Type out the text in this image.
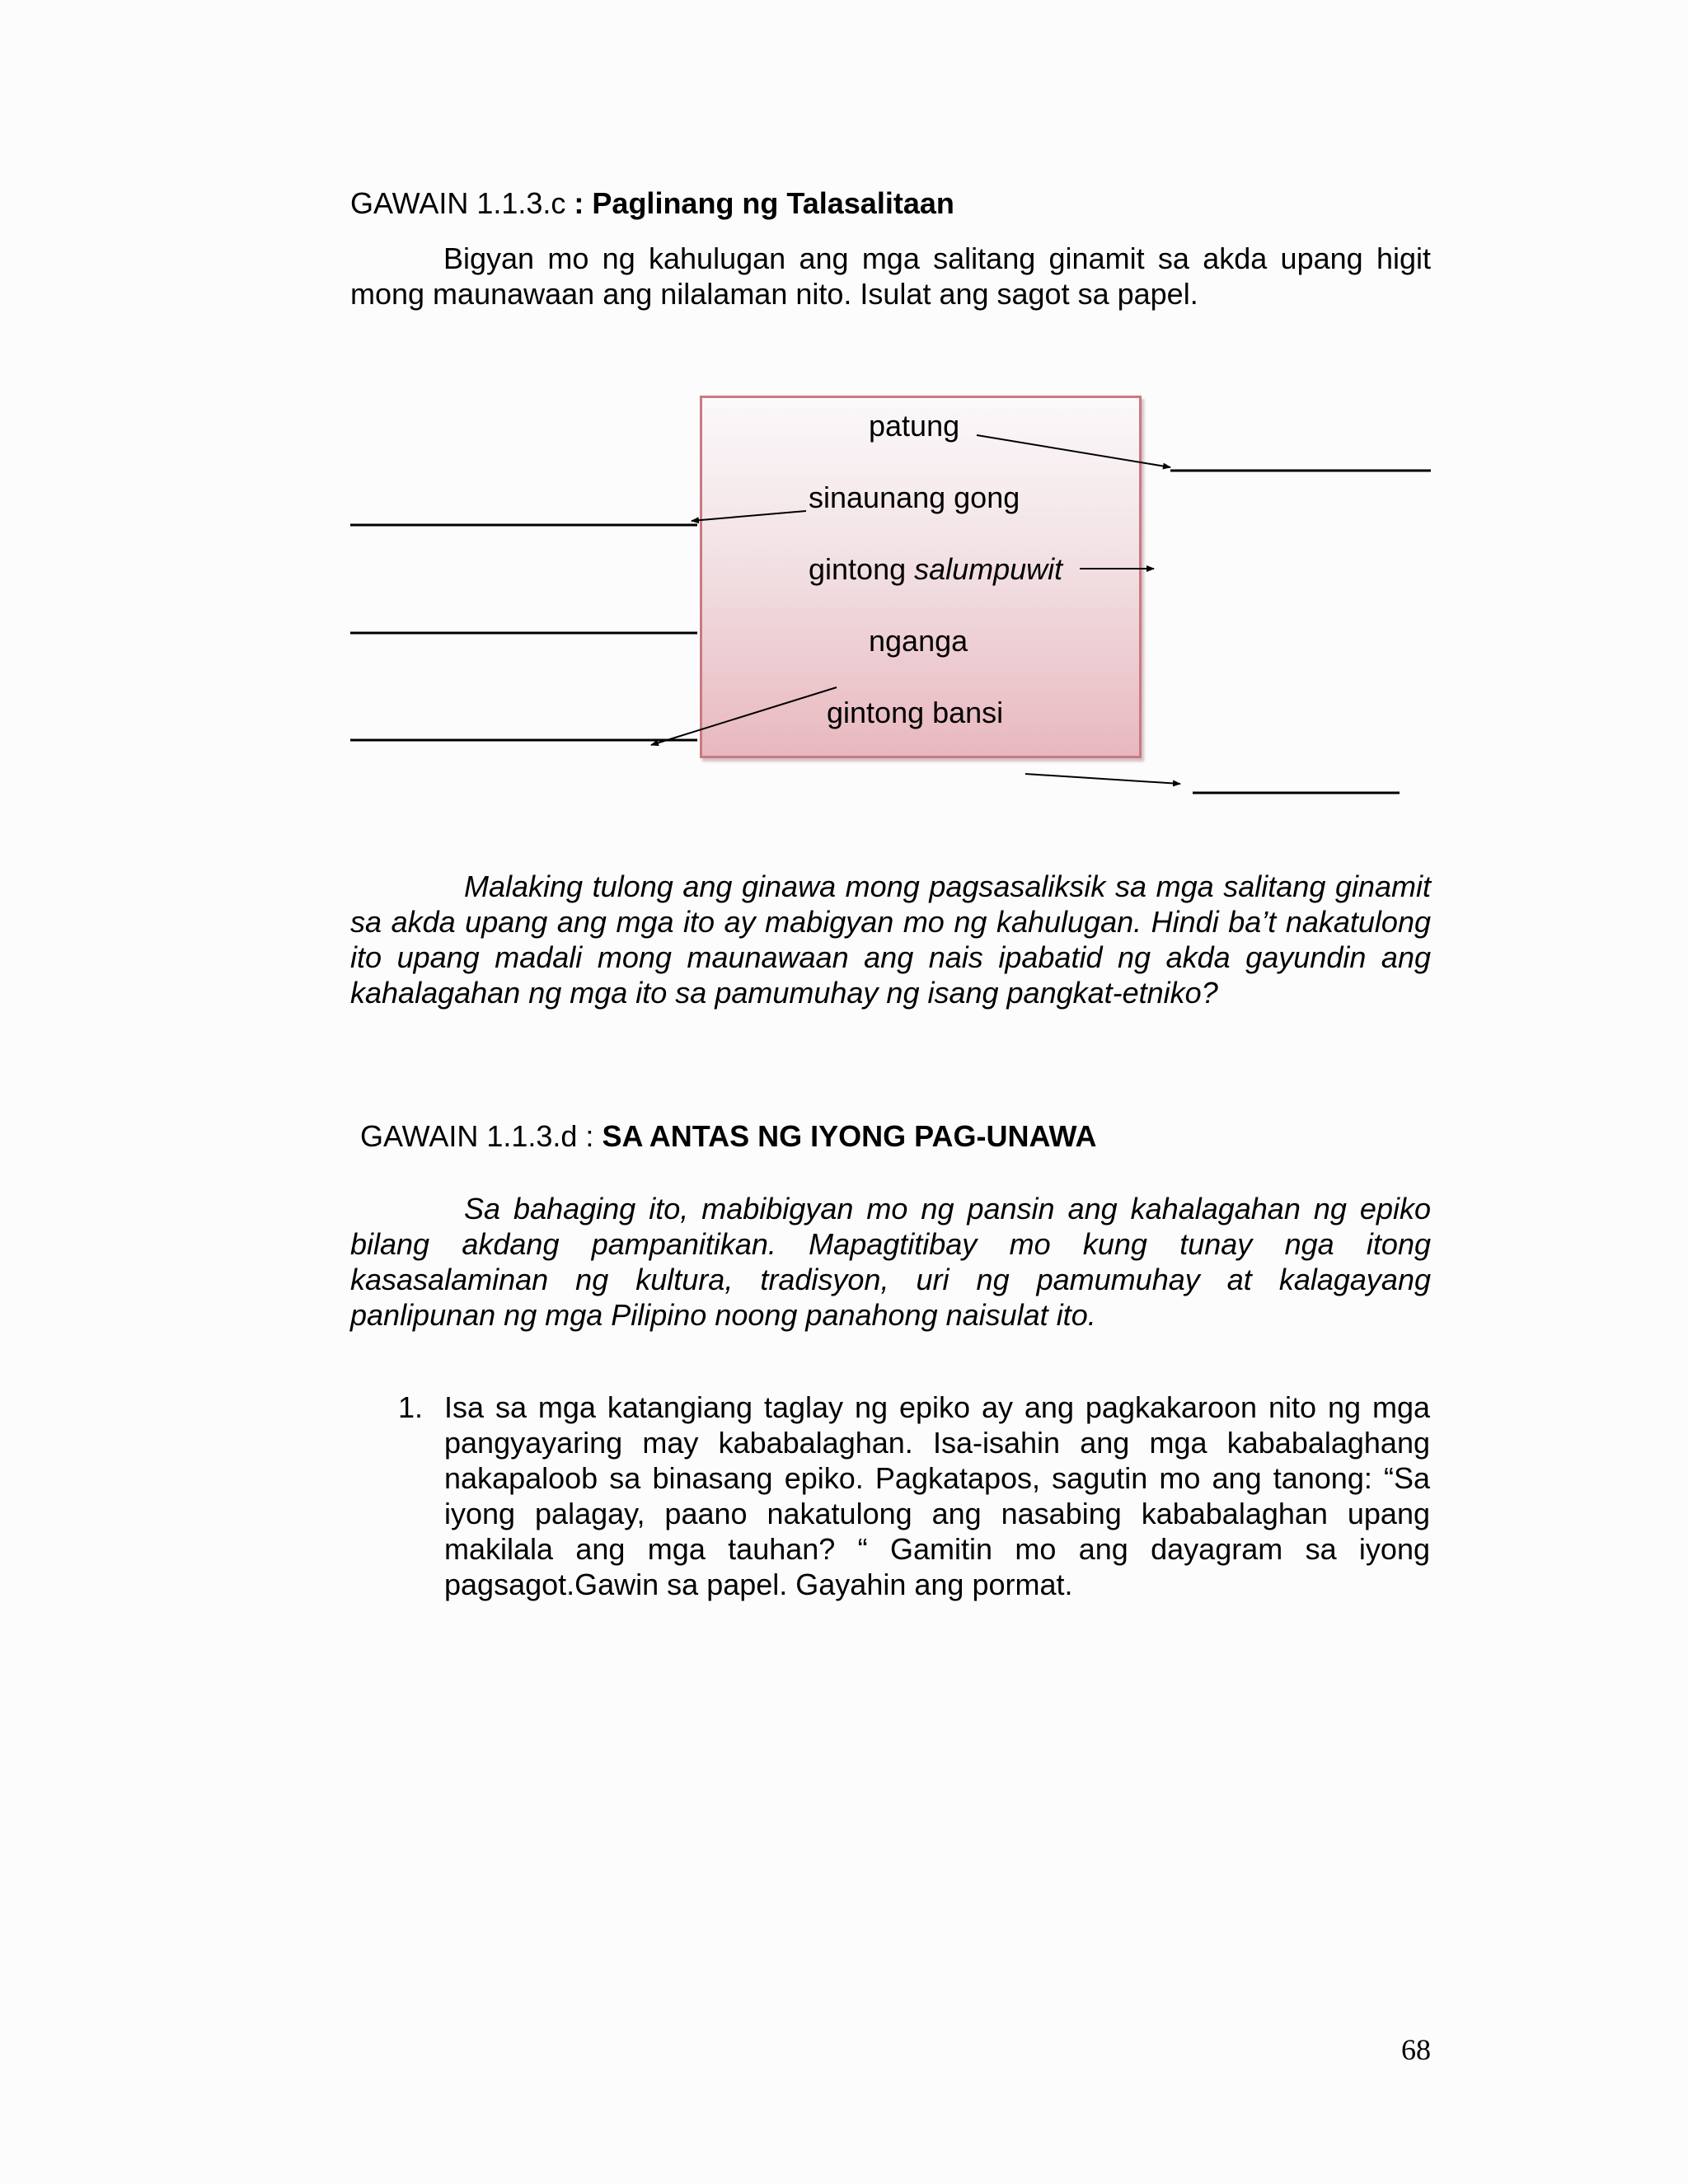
GAWAIN 1.1.3.c : Paglinang ng Talasalitaan
Bigyan mo ng kahulugan ang mga salitang ginamit sa akda upang higit mong maunawaan ang nilalaman nito. Isulat ang sagot sa papel.
patung
sinaunang gong
gintong salumpuwit
nganga
gintong bansi
Malaking tulong ang ginawa mong pagsasaliksik sa mga salitang ginamit sa akda upang ang mga ito ay mabigyan mo ng kahulugan. Hindi ba’t nakatulong ito upang madali mong maunawaan ang nais ipabatid ng akda gayundin ang kahalagahan ng mga ito sa pamumuhay ng isang pangkat-etniko?
GAWAIN 1.1.3.d : SA ANTAS NG IYONG PAG-UNAWA
Sa bahaging ito, mabibigyan mo ng pansin ang kahalagahan ng epiko bilang akdang pampanitikan. Mapagtitibay mo kung tunay nga itong kasasalaminan ng kultura, tradisyon, uri ng pamumuhay at kalagayang panlipunan ng mga Pilipino noong panahong naisulat ito.
1. Isa sa mga katangiang taglay ng epiko ay ang pagkakaroon nito ng mga pangyayaring may kababalaghan. Isa-isahin ang mga kababalaghang nakapaloob sa binasang epiko. Pagkatapos, sagutin mo ang tanong: “Sa iyong palagay, paano nakatulong ang nasabing kababalaghan upang makilala ang mga tauhan? “ Gamitin mo ang dayagram sa iyong pagsagot.Gawin sa papel. Gayahin ang pormat.
68
